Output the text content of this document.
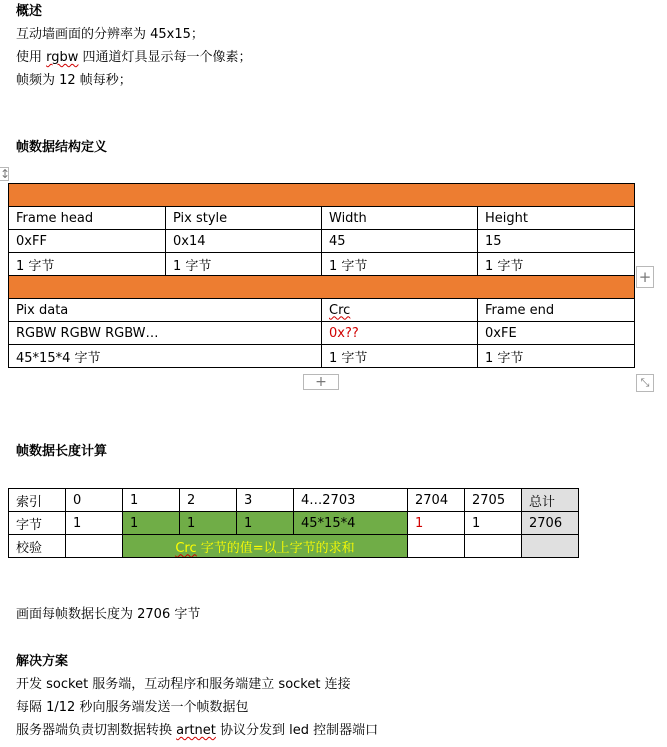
概述
互动墙画面的分辨率为 45x15；
使用 rgbw 四通道灯具显示每一个像素；
帧频为 12 帧每秒；
帧数据结构定义
↕

Frame head	Pix style	Width	Height
0xFF	0x14	45	15
1 字节	1 字节	1 字节	1 字节

Pix data		Crc	Frame end
RGBW RGBW RGBW…		0x??	0xFE
45*15*4 字节		1 字节	1 字节
+
+	⤡
帧数据长度计算
索引	0	1	2	3	4…2703	2704	2705	总计
字节	1	1	1	1	45*15*4	1	1	2706
校验		Crc 字节的值=以上字节的求和						
画面每帧数据长度为 2706 字节
解决方案
开发 socket 服务端，互动程序和服务端建立 socket 连接
每隔 1/12 秒向服务端发送一个帧数据包
服务器端负责切割数据转换 artnet 协议分发到 led 控制器端口
